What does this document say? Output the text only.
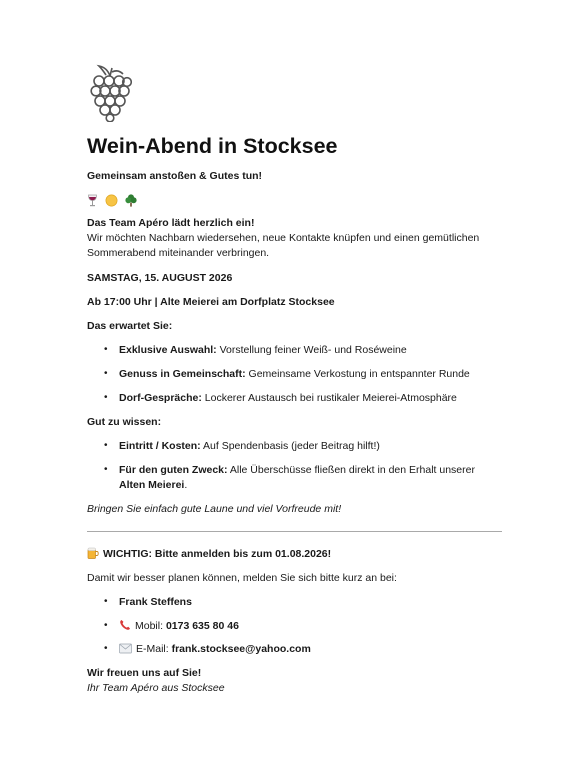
Wein-Abend in Stocksee

Gemeinsam anstoßen & Gutes tun!

Das Team Apéro lädt herzlich ein!
Wir möchten Nachbarn wiedersehen, neue Kontakte knüpfen und einen gemütlichen Sommerabend miteinander verbringen.

SAMSTAG, 15. AUGUST 2026

Ab 17:00 Uhr | Alte Meierei am Dorfplatz Stocksee

Das erwartet Sie:

• Exklusive Auswahl: Vorstellung feiner Weiß- und Roséweine
• Genuss in Gemeinschaft: Gemeinsame Verkostung in entspannter Runde
• Dorf-Gespräche: Lockerer Austausch bei rustikaler Meierei-Atmosphäre

Gut zu wissen:

• Eintritt / Kosten: Auf Spendenbasis (jeder Beitrag hilft!)
• Für den guten Zweck: Alle Überschüsse fließen direkt in den Erhalt unserer Alten Meierei.

Bringen Sie einfach gute Laune und viel Vorfreude mit!

WICHTIG: Bitte anmelden bis zum 01.08.2026!

Damit wir besser planen können, melden Sie sich bitte kurz an bei:

• Frank Steffens
• Mobil: 0173 635 80 46
• E-Mail: frank.stocksee@yahoo.com

Wir freuen uns auf Sie!
Ihr Team Apéro aus Stocksee
